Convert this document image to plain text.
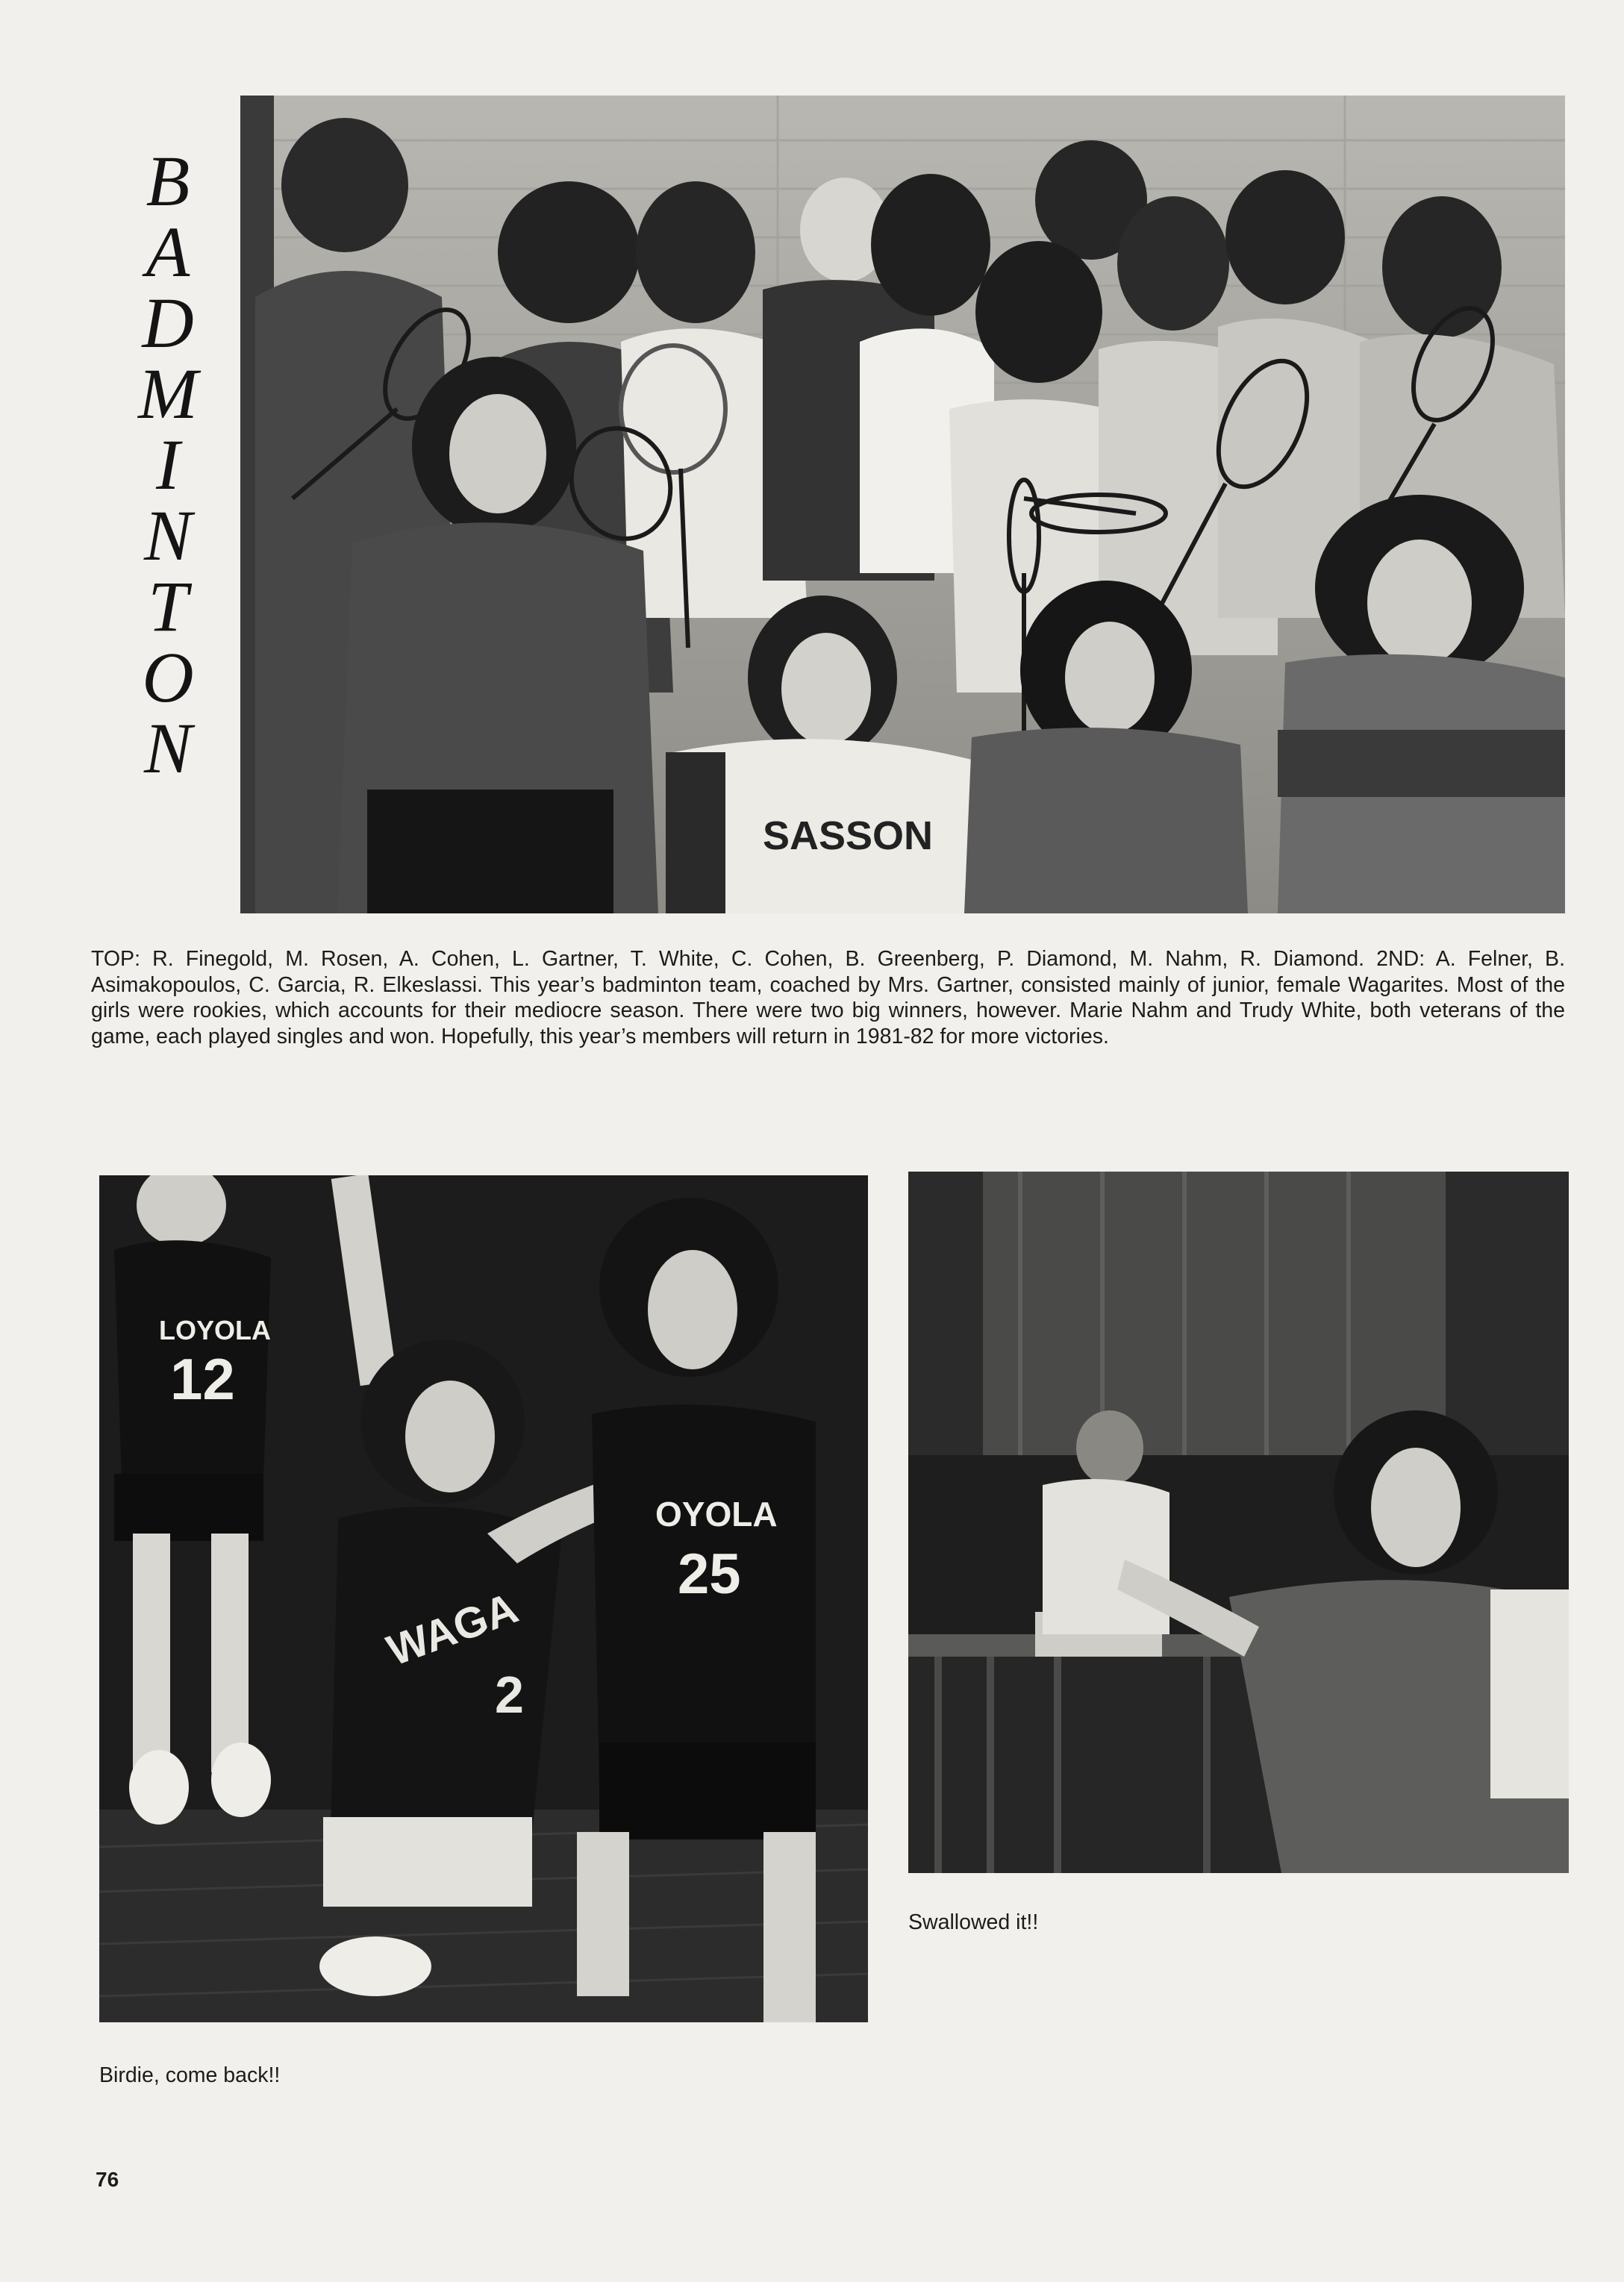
B
A
D
M
I
N
T
O
N
SASSON
TOP: R. Finegold, M. Rosen, A. Cohen, L. Gartner, T. White, C. Cohen, B. Greenberg, P. Diamond, M. Nahm, R. Diamond. 2ND: A. Felner, B. Asimakopoulos, C. Garcia, R. Elkeslassi. This year’s badminton team, coached by Mrs. Gartner, consisted mainly of junior, female Wagarites. Most of the girls were rookies, which accounts for their mediocre season. There were two big winners, however. Marie Nahm and Trudy White, both veterans of the game, each played singles and won. Hopefully, this year’s members will return in 1981-82 for more victories.
LOYOLA
12
WAGA
2
OYOLA
25
Swallowed it!!
Birdie, come back!!
76
